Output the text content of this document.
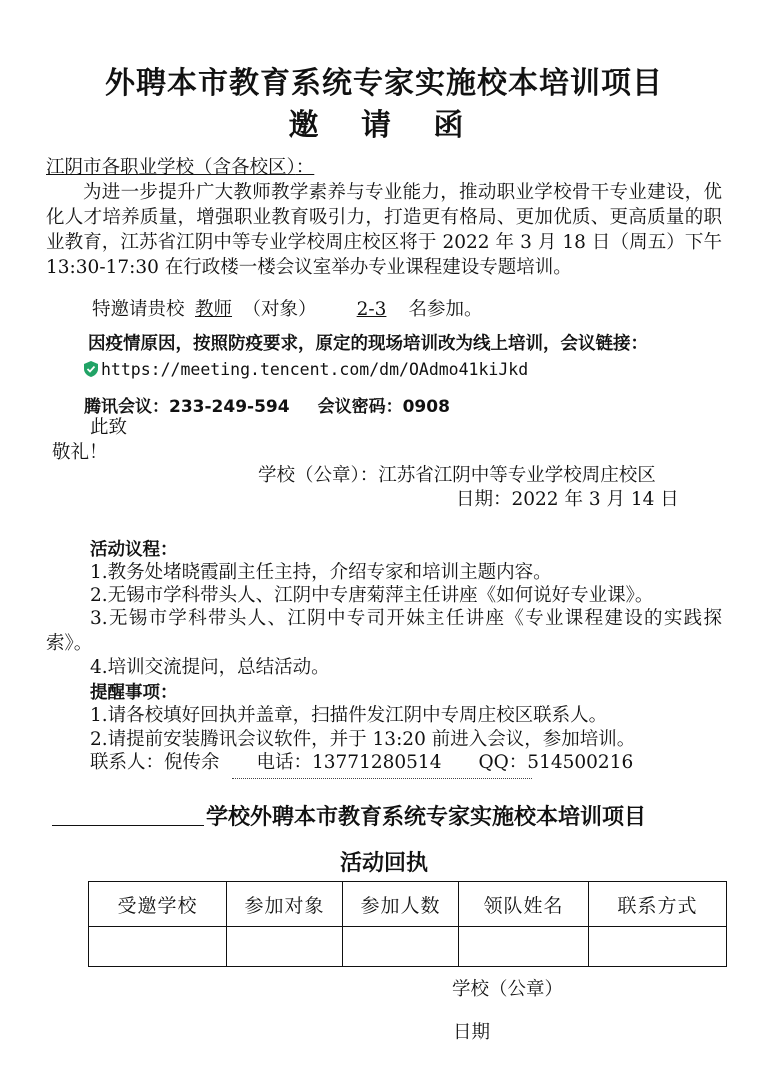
外聘本市教育系统专家实施校本培训项目
邀 请 函
江阴市各职业学校（含各校区）：
为进一步提升广大教师教学素养与专业能力，推动职业学校骨干专业建设，优化人才培养质量，增强职业教育吸引力，打造更有格局、更加优质、更高质量的职业教育，江苏省江阴中等专业学校周庄校区将于 2022 年 3 月 18 日（周五）下午 13:30-17:30 在行政楼一楼会议室举办专业课程建设专题培训。
特邀请贵校 教师 （对象） 2-3 名参加。
因疫情原因，按照防疫要求，原定的现场培训改为线上培训，会议链接：
https://meeting.tencent.com/dm/OAdmo41kiJkd
腾讯会议：233-249-594 会议密码：0908
此致
敬礼！
学校（公章）：江苏省江阴中等专业学校周庄校区
日期：2022 年 3 月 14 日
活动议程：
1.教务处堵晓霞副主任主持，介绍专家和培训主题内容。
2.无锡市学科带头人、江阴中专唐菊萍主任讲座《如何说好专业课》。
3.无锡市学科带头人、江阴中专司开妹主任讲座《专业课程建设的实践探索》。
4.培训交流提问，总结活动。
提醒事项：
1.请各校填好回执并盖章，扫描件发江阴中专周庄校区联系人。
2.请提前安装腾讯会议软件，并于 13:20 前进入会议，参加培训。
联系人：倪传余　　电话：13771280514　　QQ：514500216
学校外聘本市教育系统专家实施校本培训项目
活动回执
受邀学校	参加对象	参加人数	领队姓名	联系方式

学校（公章）
日期
